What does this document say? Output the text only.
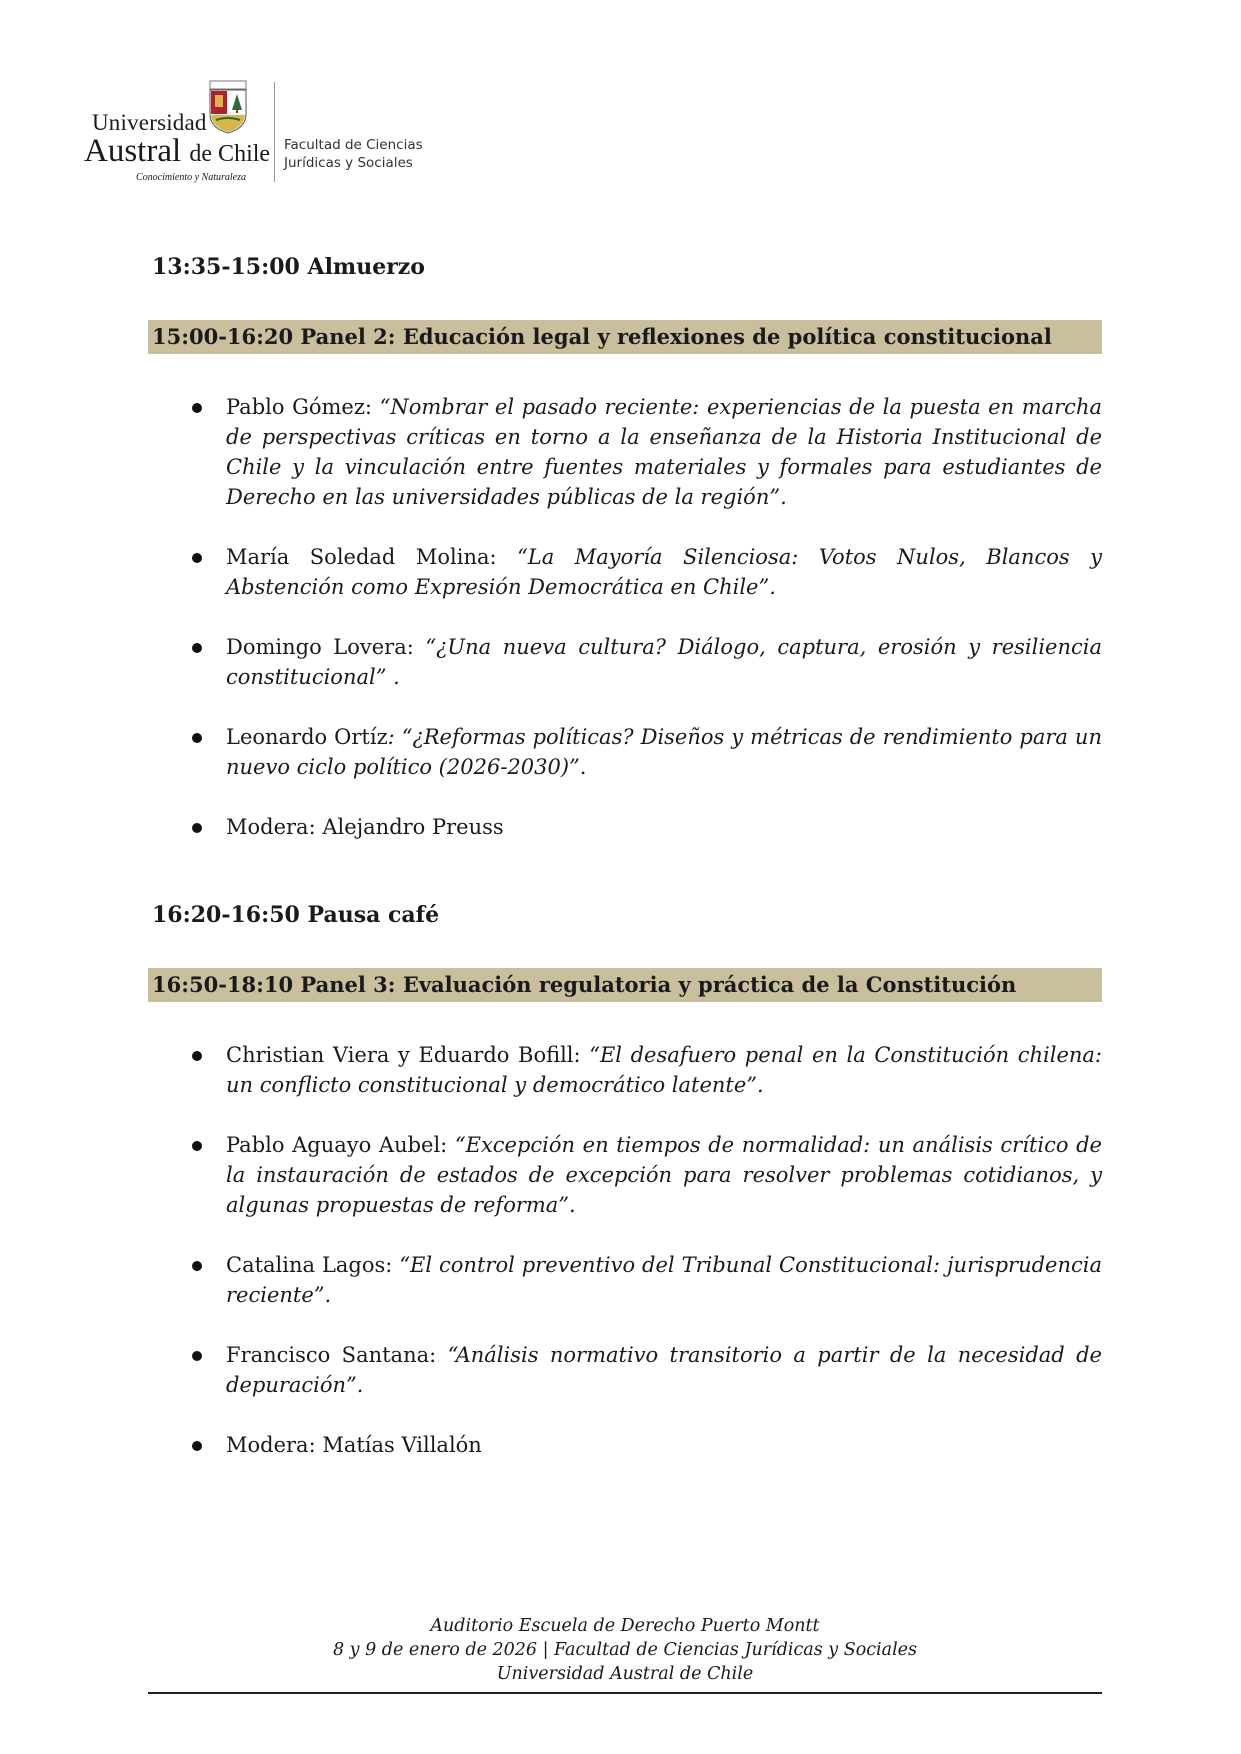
Universidad
Austral de Chile
Conocimiento y Naturaleza
Facultad de Ciencias
Jurídicas y Sociales
13:35-15:00 Almuerzo
15:00-16:20 Panel 2: Educación legal y reflexiones de política constitucional
Pablo Gómez: “Nombrar el pasado reciente: experiencias de la puesta en marcha de perspectivas críticas en torno a la enseñanza de la Historia Institucional de Chile y la vinculación entre fuentes materiales y formales para estudiantes de Derecho en las universidades públicas de la región”.
María Soledad Molina: “La Mayoría Silenciosa: Votos Nulos, Blancos y Abstención como Expresión Democrática en Chile”.
Domingo Lovera: “¿Una nueva cultura? Diálogo, captura, erosión y resiliencia constitucional” .
Leonardo Ortíz: “¿Reformas políticas? Diseños y métricas de rendimiento para un nuevo ciclo político (2026-2030)”.
Modera: Alejandro Preuss
16:20-16:50 Pausa café
16:50-18:10 Panel 3: Evaluación regulatoria y práctica de la Constitución
Christian Viera y Eduardo Bofill: “El desafuero penal en la Constitución chilena: un conflicto constitucional y democrático latente”.
Pablo Aguayo Aubel: “Excepción en tiempos de normalidad: un análisis crítico de la instauración de estados de excepción para resolver problemas cotidianos, y algunas propuestas de reforma”.
Catalina Lagos: “El control preventivo del Tribunal Constitucional: jurisprudencia reciente”.
Francisco Santana: “Análisis normativo transitorio a partir de la necesidad de depuración”.
Modera: Matías Villalón
Auditorio Escuela de Derecho Puerto Montt
8 y 9 de enero de 2026 | Facultad de Ciencias Jurídicas y Sociales
Universidad Austral de Chile
